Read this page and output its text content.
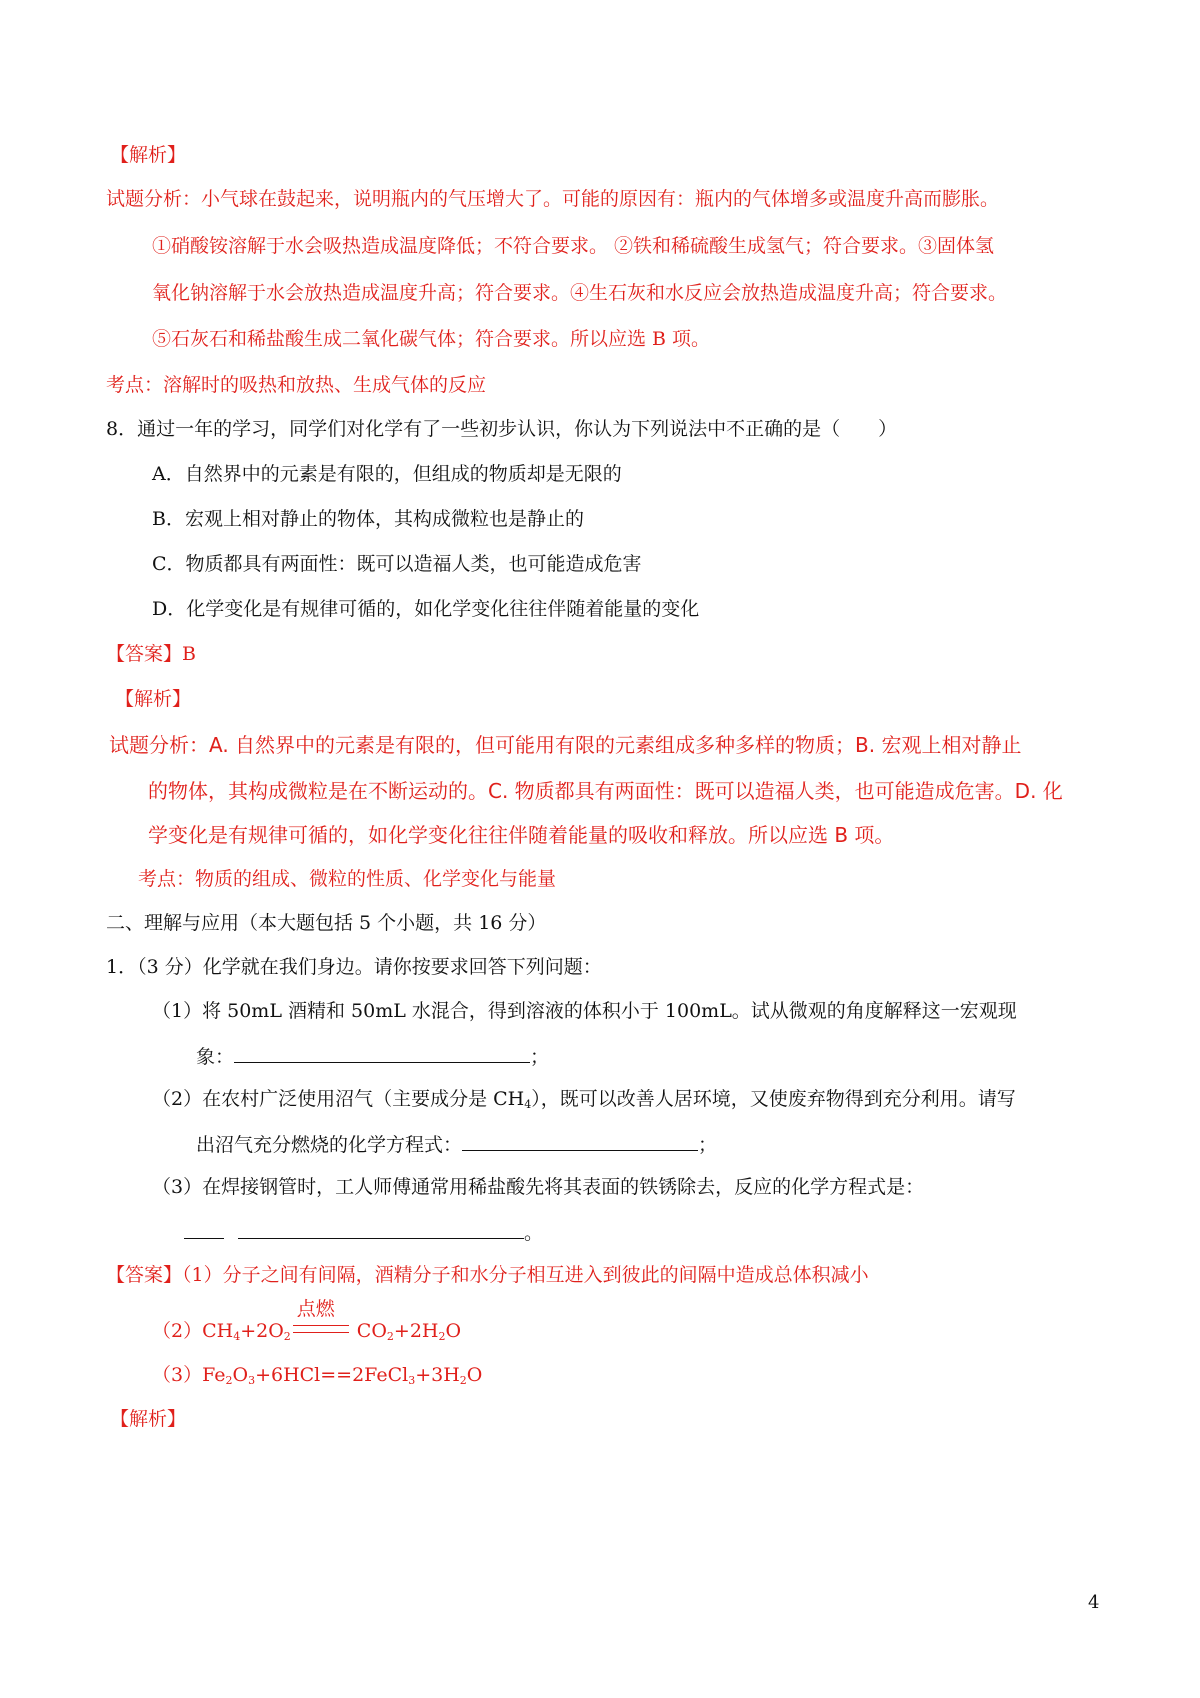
【解析】
试题分析：小气球在鼓起来，说明瓶内的气压增大了。可能的原因有：瓶内的气体增多或温度升高而膨胀。
①硝酸铵溶解于水会吸热造成温度降低；不符合要求。 ②铁和稀硫酸生成氢气；符合要求。③固体氢
氧化钠溶解于水会放热造成温度升高；符合要求。④生石灰和水反应会放热造成温度升高；符合要求。
⑤石灰石和稀盐酸生成二氧化碳气体；符合要求。所以应选 B 项。
考点：溶解时的吸热和放热、生成气体的反应
8．通过一年的学习，同学们对化学有了一些初步认识，你认为下列说法中不正确的是（　　）
A．自然界中的元素是有限的，但组成的物质却是无限的
B．宏观上相对静止的物体，其构成微粒也是静止的
C．物质都具有两面性：既可以造福人类，也可能造成危害
D．化学变化是有规律可循的，如化学变化往往伴随着能量的变化
【答案】B
【解析】
试题分析：A. 自然界中的元素是有限的，但可能用有限的元素组成多种多样的物质；B. 宏观上相对静止
的物体，其构成微粒是在不断运动的。C. 物质都具有两面性：既可以造福人类，也可能造成危害。D. 化
学变化是有规律可循的，如化学变化往往伴随着能量的吸收和释放。所以应选 B 项。
考点：物质的组成、微粒的性质、化学变化与能量
二、理解与应用（本大题包括 5 个小题，共 16 分）
1．（3 分）化学就在我们身边。请你按要求回答下列问题：
（1）将 50mL 酒精和 50mL 水混合，得到溶液的体积小于 100mL。试从微观的角度解释这一宏观现
象：	；
（2）在农村广泛使用沼气（主要成分是 $CH_4$），既可以改善人居环境，又使废弃物得到充分利用。请写
出沼气充分燃烧的化学方程式：	；
（3）在焊接钢管时，工人师傅通常用稀盐酸先将其表面的铁锈除去，反应的化学方程式是：
。
【答案】（1）分子之间有间隔，酒精分子和水分子相互进入到彼此的间隔中造成总体积减小
$(2)CH_4+2O_2$
点燃
$CO_2+2H_2O$
$(3)Fe_2O_3+6HCl==2FeCl_3+3H_2O$
【解析】
4
